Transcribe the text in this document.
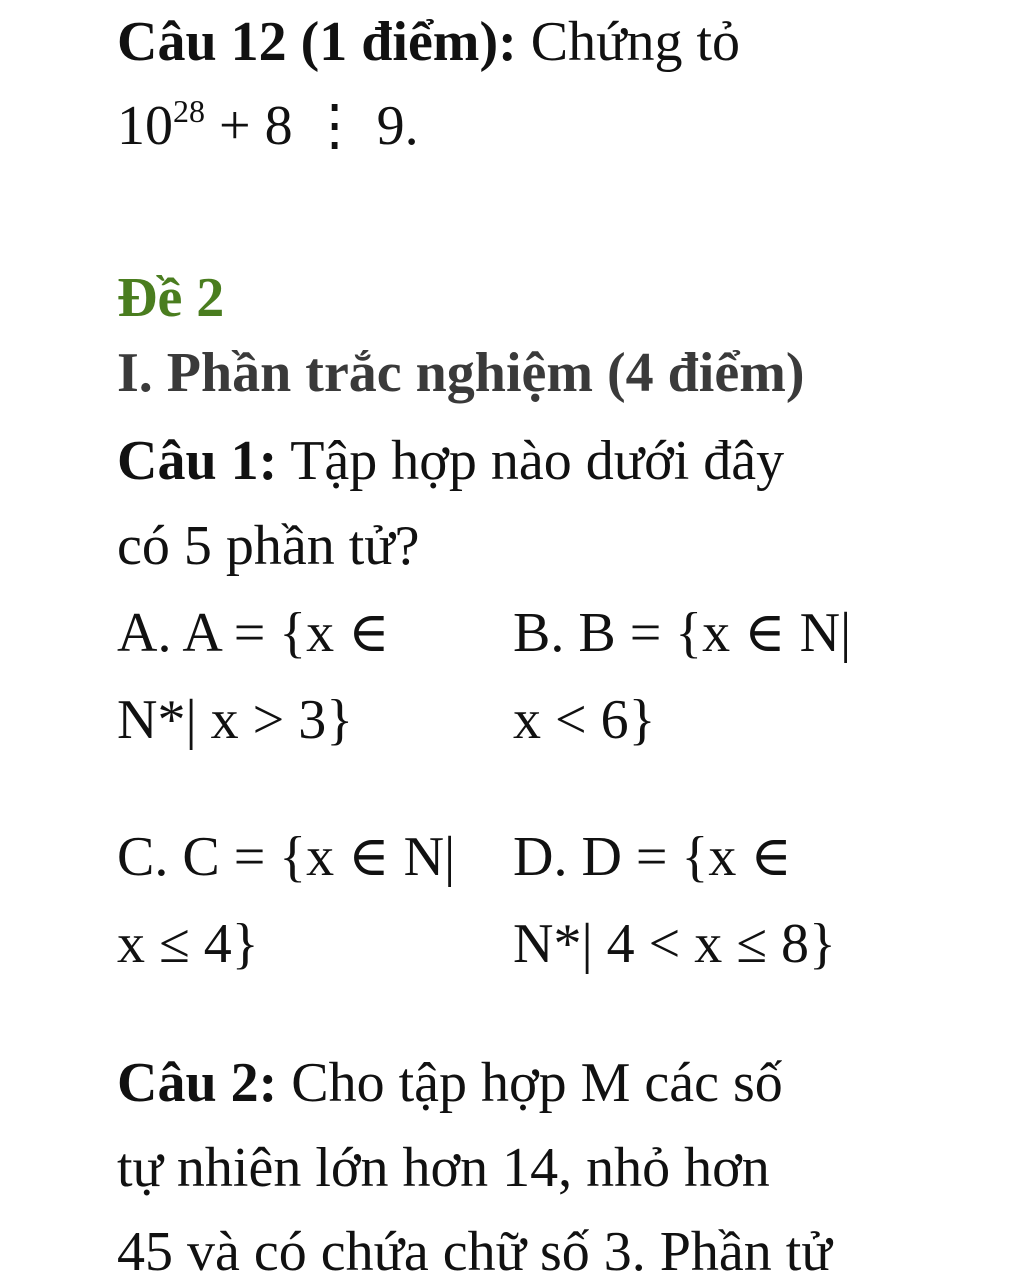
Câu 12 (1 điểm): Chứng tỏ
$10^{28} + 8$ ⋮ 9.
Đề 2
I. Phần trắc nghiệm (4 điểm)
Câu 1: Tập hợp nào dưới đây
có 5 phần tử?
A. A = {x ∈ B. B = {x ∈ N|
N*| x > 3}	x < 6}
C. C = {x ∈ N| D. D = {x ∈
x ≤ 4}	N*| 4 < x ≤ 8}
Câu 2: Cho tập hợp M các số
tự nhiên lớn hơn 14, nhỏ hơn
45 và có chứa chữ số 3. Phần tử
